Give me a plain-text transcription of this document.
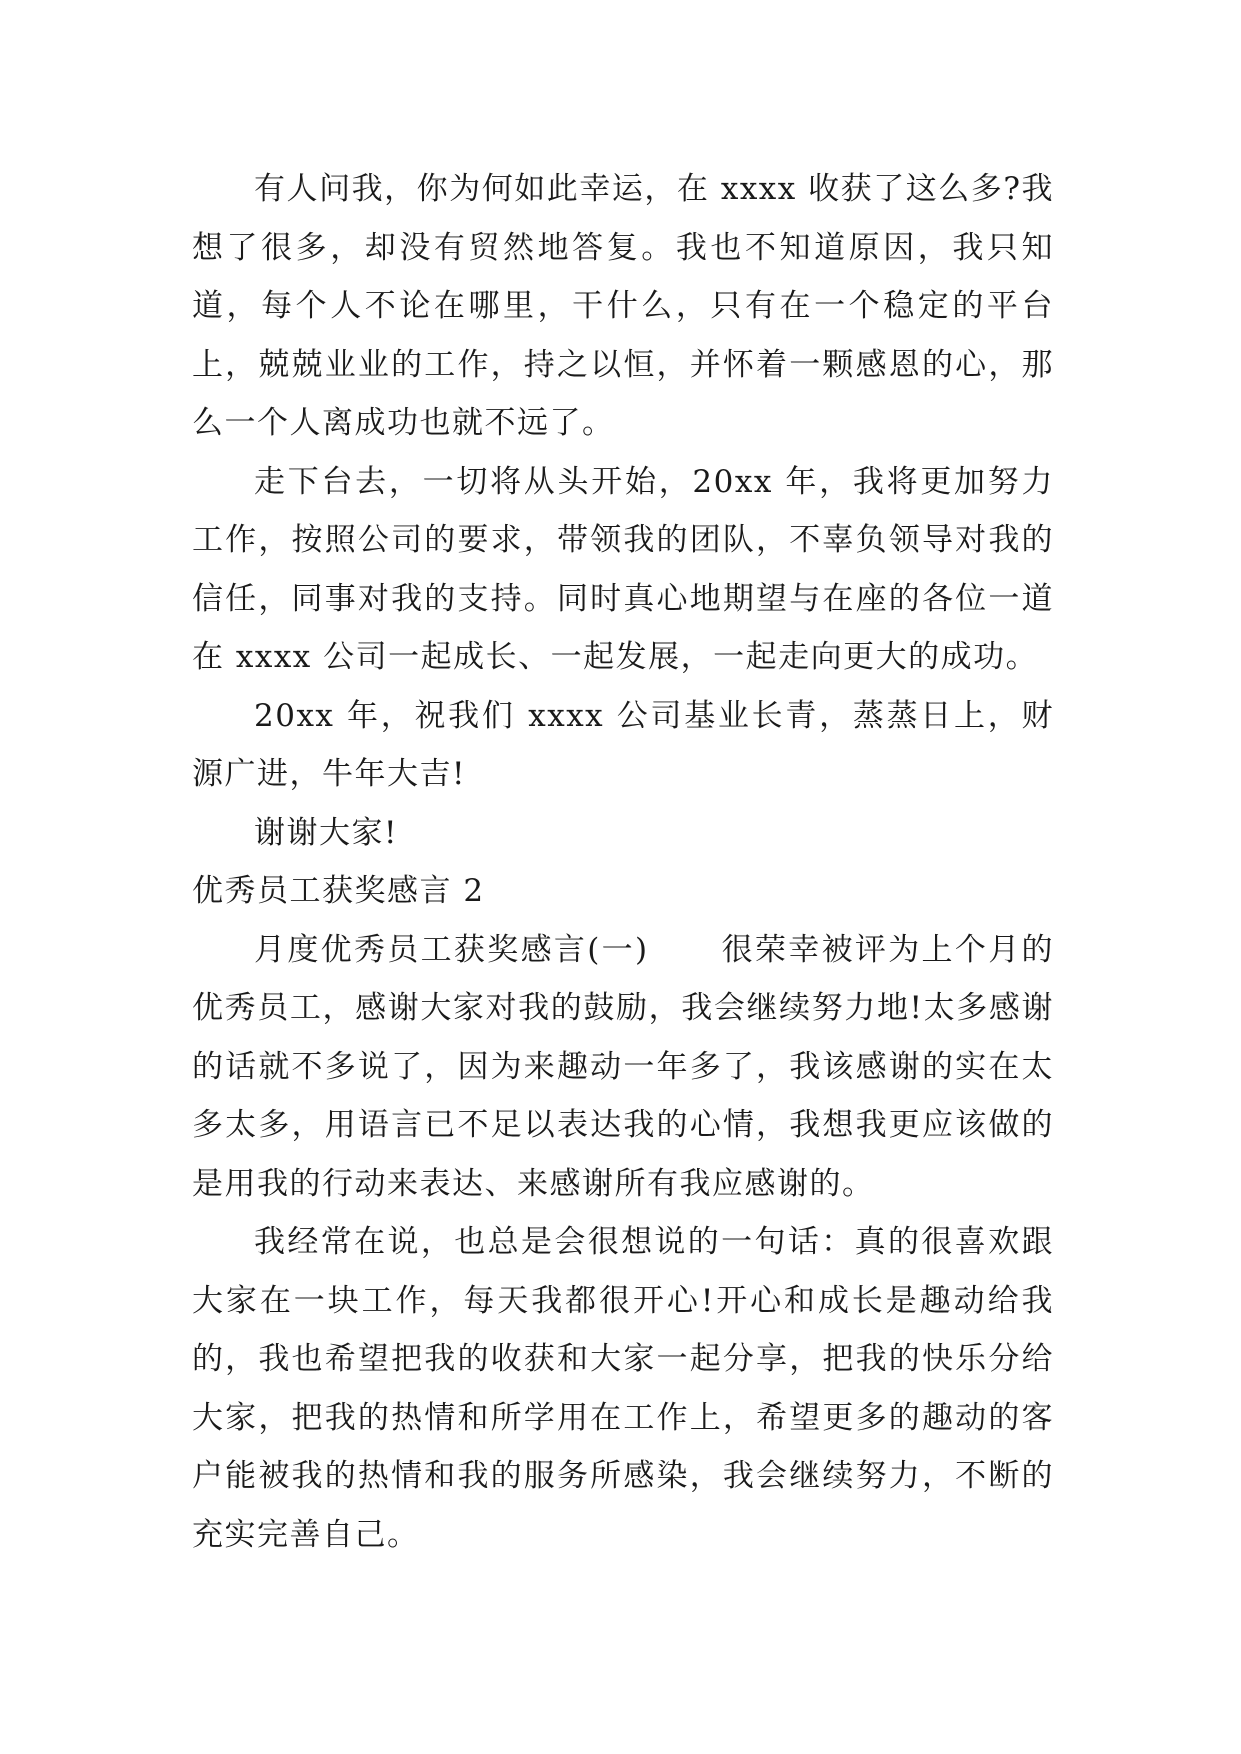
有人问我，你为何如此幸运，在 xxxx 收获了这么多?我想了很多，却没有贸然地答复。我也不知道原因，我只知道，每个人不论在哪里，干什么，只有在一个稳定的平台上，兢兢业业的工作，持之以恒，并怀着一颗感恩的心，那么一个人离成功也就不远了。

走下台去，一切将从头开始，20xx 年，我将更加努力工作，按照公司的要求，带领我的团队，不辜负领导对我的信任，同事对我的支持。同时真心地期望与在座的各位一道在 xxxx 公司一起成长、一起发展，一起走向更大的成功。

20xx 年，祝我们 xxxx 公司基业长青，蒸蒸日上，财源广进，牛年大吉!

谢谢大家!

优秀员工获奖感言 2

月度优秀员工获奖感言(一) 很荣幸被评为上个月的优秀员工，感谢大家对我的鼓励，我会继续努力地!太多感谢的话就不多说了，因为来趣动一年多了，我该感谢的实在太多太多，用语言已不足以表达我的心情，我想我更应该做的是用我的行动来表达、来感谢所有我应感谢的。

我经常在说，也总是会很想说的一句话：真的很喜欢跟大家在一块工作，每天我都很开心!开心和成长是趣动给我的，我也希望把我的收获和大家一起分享，把我的快乐分给大家，把我的热情和所学用在工作上，希望更多的趣动的客户能被我的热情和我的服务所感染，我会继续努力，不断的充实完善自己。
